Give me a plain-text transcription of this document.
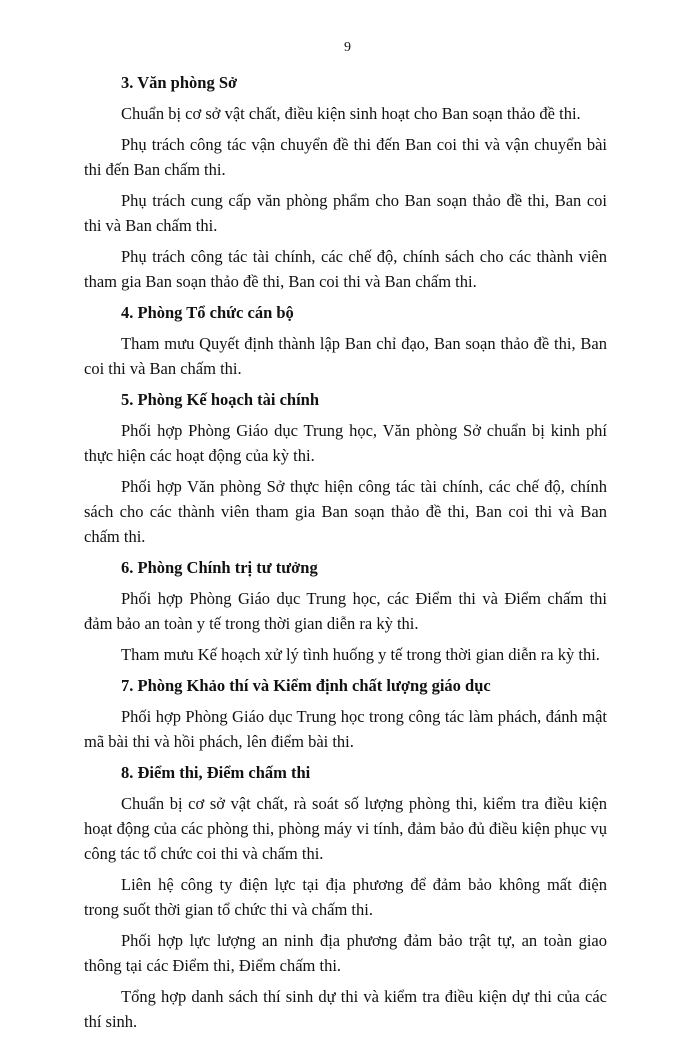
9

3. Văn phòng Sở

Chuẩn bị cơ sở vật chất, điều kiện sinh hoạt cho Ban soạn thảo đề thi.

Phụ trách công tác vận chuyển đề thi đến Ban coi thi và vận chuyển bài thi đến Ban chấm thi.

Phụ trách cung cấp văn phòng phẩm cho Ban soạn thảo đề thi, Ban coi thi và Ban chấm thi.

Phụ trách công tác tài chính, các chế độ, chính sách cho các thành viên tham gia Ban soạn thảo đề thi, Ban coi thi và Ban chấm thi.

4. Phòng Tổ chức cán bộ

Tham mưu Quyết định thành lập Ban chỉ đạo, Ban soạn thảo đề thi, Ban coi thi và Ban chấm thi.

5. Phòng Kế hoạch tài chính

Phối hợp Phòng Giáo dục Trung học, Văn phòng Sở chuẩn bị kinh phí thực hiện các hoạt động của kỳ thi.

Phối hợp Văn phòng Sở thực hiện công tác tài chính, các chế độ, chính sách cho các thành viên tham gia Ban soạn thảo đề thi, Ban coi thi và Ban chấm thi.

6. Phòng Chính trị tư tưởng

Phối hợp Phòng Giáo dục Trung học, các Điểm thi và Điểm chấm thi đảm bảo an toàn y tế trong thời gian diễn ra kỳ thi.

Tham mưu Kế hoạch xử lý tình huống y tế trong thời gian diễn ra kỳ thi.

7. Phòng Khảo thí và Kiểm định chất lượng giáo dục

Phối hợp Phòng Giáo dục Trung học trong công tác làm phách, đánh mật mã bài thi và hồi phách, lên điểm bài thi.

8. Điểm thi, Điểm chấm thi

Chuẩn bị cơ sở vật chất, rà soát số lượng phòng thi, kiểm tra điều kiện hoạt động của các phòng thi, phòng máy vi tính, đảm bảo đủ điều kiện phục vụ công tác tổ chức coi thi và chấm thi.

Liên hệ công ty điện lực tại địa phương để đảm bảo không mất điện trong suốt thời gian tổ chức thi và chấm thi.

Phối hợp lực lượng an ninh địa phương đảm bảo trật tự, an toàn giao thông tại các Điểm thi, Điểm chấm thi.

Tổng hợp danh sách thí sinh dự thi và kiểm tra điều kiện dự thi của các thí sinh.
